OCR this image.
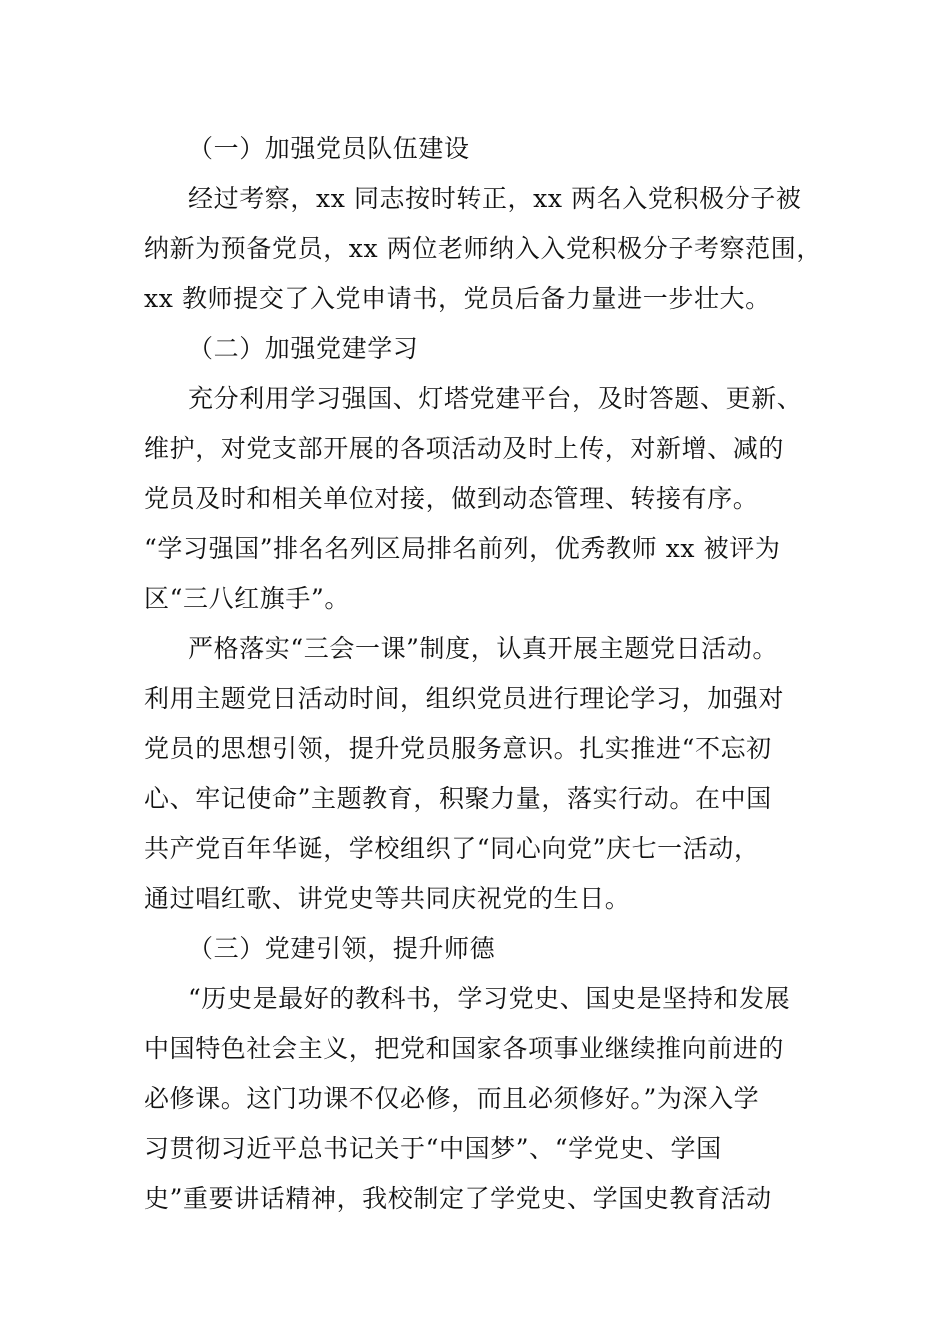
（一）加强党员队伍建设
经过考察，xx 同志按时转正，xx 两名入党积极分子被
纳新为预备党员，xx 两位老师纳入入党积极分子考察范围，
xx 教师提交了入党申请书，党员后备力量进一步壮大。
（二）加强党建学习
充分利用学习强国、灯塔党建平台，及时答题、更新、
维护，对党支部开展的各项活动及时上传，对新增、减的
党员及时和相关单位对接，做到动态管理、转接有序。
“学习强国”排名名列区局排名前列，优秀教师 xx 被评为
区“三八红旗手”。
严格落实“三会一课”制度，认真开展主题党日活动。
利用主题党日活动时间，组织党员进行理论学习，加强对
党员的思想引领，提升党员服务意识。扎实推进“不忘初
心、牢记使命”主题教育，积聚力量，落实行动。在中国
共产党百年华诞，学校组织了“同心向党”庆七一活动，
通过唱红歌、讲党史等共同庆祝党的生日。
（三）党建引领，提升师德
“历史是最好的教科书，学习党史、国史是坚持和发展
中国特色社会主义，把党和国家各项事业继续推向前进的
必修课。这门功课不仅必修，而且必须修好。”为深入学
习贯彻习近平总书记关于“中国梦”、“学党史、学国
史”重要讲话精神，我校制定了学党史、学国史教育活动
